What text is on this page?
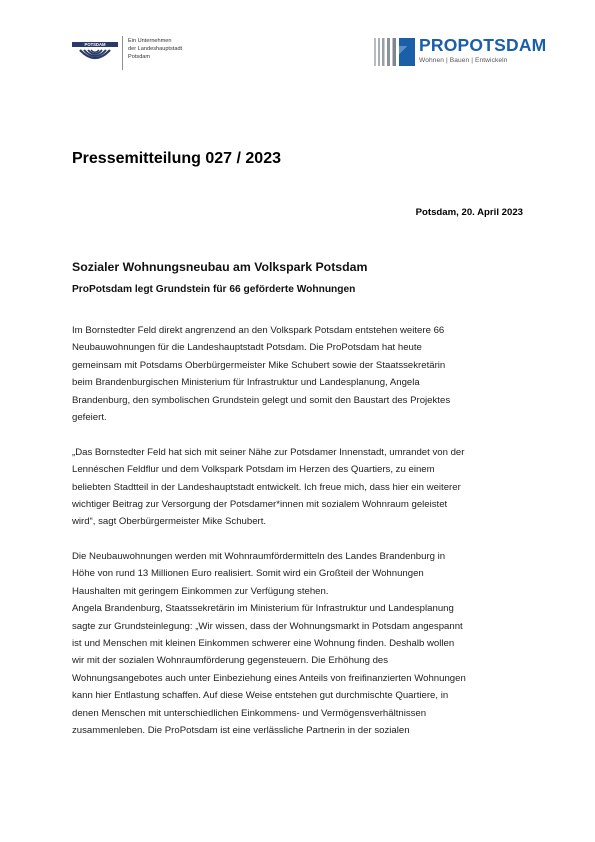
POTSDAM
Ein Unternehmen
der Landeshauptstadt
Potsdam
PROPOTSDAM
Wohnen | Bauen | Entwickeln
Pressemitteilung 027 / 2023
Potsdam, 20. April 2023
Sozialer Wohnungsneubau am Volkspark Potsdam
ProPotsdam legt Grundstein für 66 geförderte Wohnungen
Im Bornstedter Feld direkt angrenzend an den Volkspark Potsdam entstehen weitere 66
Neubauwohnungen für die Landeshauptstadt Potsdam. Die ProPotsdam hat heute
gemeinsam mit Potsdams Oberbürgermeister Mike Schubert sowie der Staatssekretärin
beim Brandenburgischen Ministerium für Infrastruktur und Landesplanung, Angela
Brandenburg, den symbolischen Grundstein gelegt und somit den Baustart des Projektes
gefeiert.
„Das Bornstedter Feld hat sich mit seiner Nähe zur Potsdamer Innenstadt, umrandet von der
Lennéschen Feldflur und dem Volkspark Potsdam im Herzen des Quartiers, zu einem
beliebten Stadtteil in der Landeshauptstadt entwickelt. Ich freue mich, dass hier ein weiterer
wichtiger Beitrag zur Versorgung der Potsdamer*innen mit sozialem Wohnraum geleistet
wird“, sagt Oberbürgermeister Mike Schubert.
Die Neubauwohnungen werden mit Wohnraumfördermitteln des Landes Brandenburg in
Höhe von rund 13 Millionen Euro realisiert. Somit wird ein Großteil der Wohnungen
Haushalten mit geringem Einkommen zur Verfügung stehen.
Angela Brandenburg, Staatssekretärin im Ministerium für Infrastruktur und Landesplanung
sagte zur Grundsteinlegung: „Wir wissen, dass der Wohnungsmarkt in Potsdam angespannt
ist und Menschen mit kleinen Einkommen schwerer eine Wohnung finden. Deshalb wollen
wir mit der sozialen Wohnraumförderung gegensteuern. Die Erhöhung des
Wohnungsangebotes auch unter Einbeziehung eines Anteils von freifinanzierten Wohnungen
kann hier Entlastung schaffen. Auf diese Weise entstehen gut durchmischte Quartiere, in
denen Menschen mit unterschiedlichen Einkommens- und Vermögensverhältnissen
zusammenleben. Die ProPotsdam ist eine verlässliche Partnerin in der sozialen
